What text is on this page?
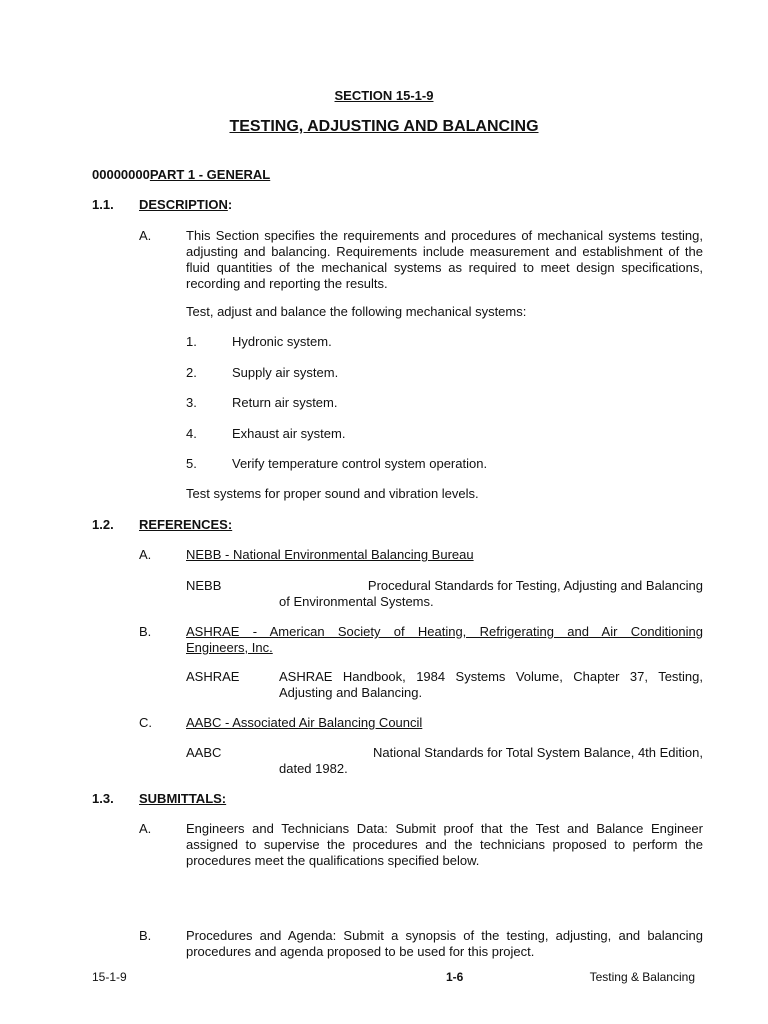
SECTION 15-1-9
TESTING, ADJUSTING AND BALANCING
00000000PART 1 - GENERAL
1.1. DESCRIPTION:
A.	This Section specifies the requirements and procedures of mechanical systems testing, adjusting and balancing. Requirements include measurement and establishment of the fluid quantities of the mechanical systems as required to meet design specifications, recording and reporting the results.
Test, adjust and balance the following mechanical systems:
1.	Hydronic system.
2.	Supply air system.
3.	Return air system.
4.	Exhaust air system.
5.	Verify temperature control system operation.
Test systems for proper sound and vibration levels.
1.2. REFERENCES:
A.	NEBB - National Environmental Balancing Bureau
NEBB	Procedural Standards for Testing, Adjusting and Balancing
of Environmental Systems.
B.	ASHRAE - American Society of Heating, Refrigerating and Air Conditioning
Engineers, Inc.
ASHRAE	ASHRAE Handbook, 1984 Systems Volume, Chapter 37, Testing,
Adjusting and Balancing.
C.	AABC - Associated Air Balancing Council
AABC	National Standards for Total System Balance, 4th Edition,
dated 1982.
1.3. SUBMITTALS:
A.	Engineers and Technicians Data: Submit proof that the Test and Balance Engineer assigned to supervise the procedures and the technicians proposed to perform the procedures meet the qualifications specified below.
B.	Procedures and Agenda: Submit a synopsis of the testing, adjusting, and balancing procedures and agenda proposed to be used for this project.
15-1-9	1-6	Testing & Balancing
